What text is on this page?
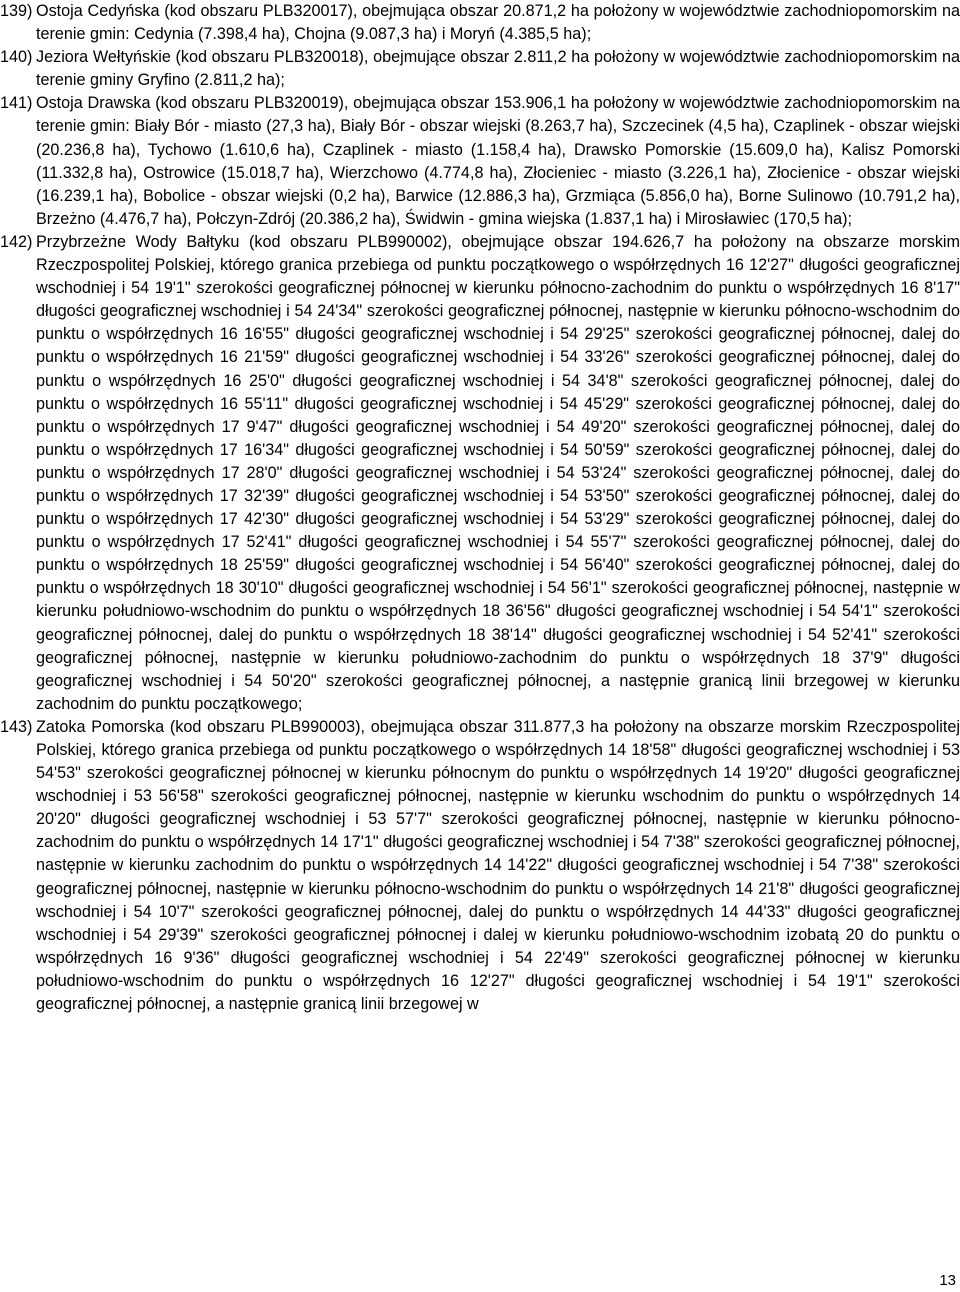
139) Ostoja Cedyńska (kod obszaru PLB320017), obejmująca obszar 20.871,2 ha położony w województwie zachodniopomorskim na terenie gmin: Cedynia (7.398,4 ha), Chojna (9.087,3 ha) i Moryń (4.385,5 ha);
140) Jeziora Wełtyńskie (kod obszaru PLB320018), obejmujące obszar 2.811,2 ha położony w województwie zachodniopomorskim na terenie gminy Gryfino (2.811,2 ha);
141) Ostoja Drawska (kod obszaru PLB320019), obejmująca obszar 153.906,1 ha położony w województwie zachodniopomorskim na terenie gmin: Biały Bór - miasto (27,3 ha), Biały Bór - obszar wiejski (8.263,7 ha), Szczecinek (4,5 ha), Czaplinek - obszar wiejski (20.236,8 ha), Tychowo (1.610,6 ha), Czaplinek - miasto (1.158,4 ha), Drawsko Pomorskie (15.609,0 ha), Kalisz Pomorski (11.332,8 ha), Ostrowice (15.018,7 ha), Wierzchowo (4.774,8 ha), Złocieniec - miasto (3.226,1 ha), Złocienice - obszar wiejski (16.239,1 ha), Bobolice - obszar wiejski (0,2 ha), Barwice (12.886,3 ha), Grzmiąca (5.856,0 ha), Borne Sulinowo (10.791,2 ha), Brzeżno (4.476,7 ha), Połczyn-Zdrój (20.386,2 ha), Świdwin - gmina wiejska (1.837,1 ha) i Mirosławiec (170,5 ha);
142) Przybrzeżne Wody Bałtyku (kod obszaru PLB990002), obejmujące obszar 194.626,7 ha położony na obszarze morskim Rzeczpospolitej Polskiej, którego granica przebiega od punktu początkowego o współrzędnych 16 12'27" długości geograficznej wschodniej i 54 19'1" szerokości geograficznej północnej w kierunku północno-zachodnim do punktu o współrzędnych 16 8'17" długości geograficznej wschodniej i 54 24'34" szerokości geograficznej północnej, następnie w kierunku północno-wschodnim do punktu o współrzędnych 16 16'55" długości geograficznej wschodniej i 54 29'25" szerokości geograficznej północnej, dalej do punktu o współrzędnych 16 21'59" długości geograficznej wschodniej i 54 33'26" szerokości geograficznej północnej, dalej do punktu o współrzędnych 16 25'0" długości geograficznej wschodniej i 54 34'8" szerokości geograficznej północnej, dalej do punktu o współrzędnych 16 55'11" długości geograficznej wschodniej i 54 45'29" szerokości geograficznej północnej, dalej do punktu o współrzędnych 17 9'47" długości geograficznej wschodniej i 54 49'20" szerokości geograficznej północnej, dalej do punktu o współrzędnych 17 16'34" długości geograficznej wschodniej i 54 50'59" szerokości geograficznej północnej, dalej do punktu o współrzędnych 17 28'0" długości geograficznej wschodniej i 54 53'24" szerokości geograficznej północnej, dalej do punktu o współrzędnych 17 32'39" długości geograficznej wschodniej i 54 53'50" szerokości geograficznej północnej, dalej do punktu o współrzędnych 17 42'30" długości geograficznej wschodniej i 54 53'29" szerokości geograficznej północnej, dalej do punktu o współrzędnych 17 52'41" długości geograficznej wschodniej i 54 55'7" szerokości geograficznej północnej, dalej do punktu o współrzędnych 18 25'59" długości geograficznej wschodniej i 54 56'40" szerokości geograficznej północnej, dalej do punktu o współrzędnych 18 30'10" długości geograficznej wschodniej i 54 56'1" szerokości geograficznej północnej, następnie w kierunku południowo-wschodnim do punktu o współrzędnych 18 36'56" długości geograficznej wschodniej i 54 54'1" szerokości geograficznej północnej, dalej do punktu o współrzędnych 18 38'14" długości geograficznej wschodniej i 54 52'41" szerokości geograficznej północnej, następnie w kierunku południowo-zachodnim do punktu o współrzędnych 18 37'9" długości geograficznej wschodniej i 54 50'20" szerokości geograficznej północnej, a następnie granicą linii brzegowej w kierunku zachodnim do punktu początkowego;
143) Zatoka Pomorska (kod obszaru PLB990003), obejmująca obszar 311.877,3 ha położony na obszarze morskim Rzeczpospolitej Polskiej, którego granica przebiega od punktu początkowego o współrzędnych 14 18'58" długości geograficznej wschodniej i 53 54'53" szerokości geograficznej północnej w kierunku północnym do punktu o współrzędnych 14 19'20" długości geograficznej wschodniej i 53 56'58" szerokości geograficznej północnej, następnie w kierunku wschodnim do punktu o współrzędnych 14 20'20" długości geograficznej wschodniej i 53 57'7" szerokości geograficznej północnej, następnie w kierunku północno-zachodnim do punktu o współrzędnych 14 17'1" długości geograficznej wschodniej i 54 7'38" szerokości geograficznej północnej, następnie w kierunku zachodnim do punktu o współrzędnych 14 14'22" długości geograficznej wschodniej i 54 7'38" szerokości geograficznej północnej, następnie w kierunku północno-wschodnim do punktu o współrzędnych 14 21'8" długości geograficznej wschodniej i 54 10'7" szerokości geograficznej północnej, dalej do punktu o współrzędnych 14 44'33" długości geograficznej wschodniej i 54 29'39" szerokości geograficznej północnej i dalej w kierunku południowo-wschodnim izobatą 20 do punktu o współrzędnych 16 9'36" długości geograficznej wschodniej i 54 22'49" szerokości geograficznej północnej w kierunku południowo-wschodnim do punktu o współrzędnych 16 12'27" długości geograficznej wschodniej i 54 19'1" szerokości geograficznej północnej, a następnie granicą linii brzegowej w
13
